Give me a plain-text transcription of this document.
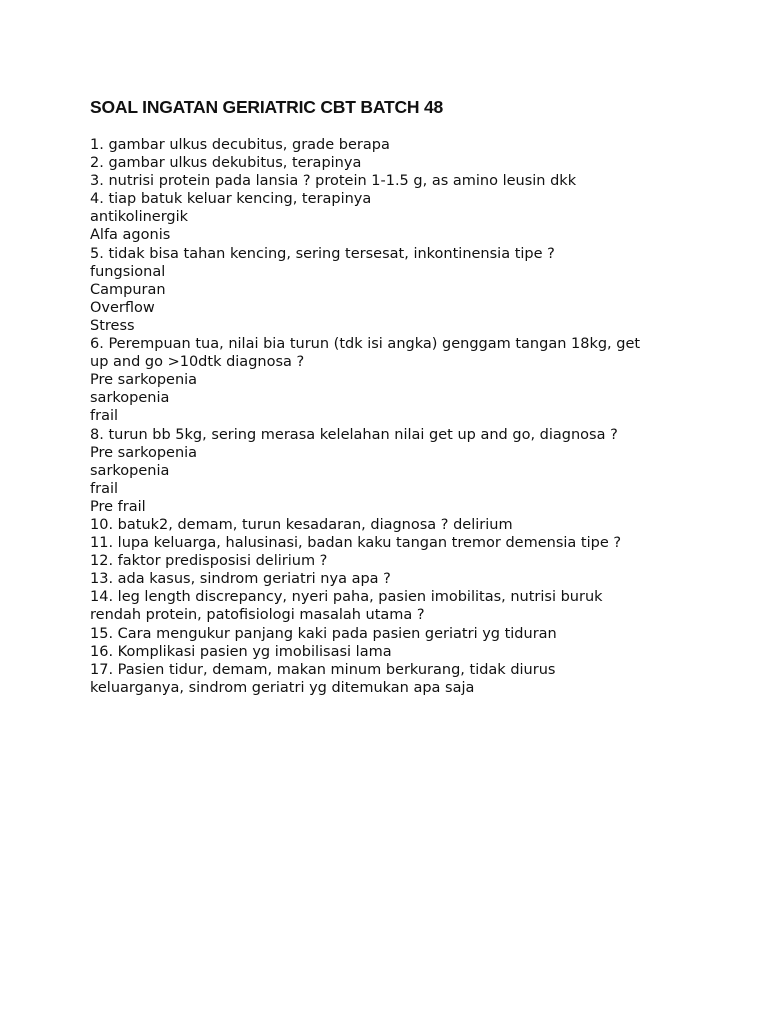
SOAL INGATAN GERIATRIC CBT BATCH 48
1. gambar ulkus decubitus, grade berapa
2. gambar ulkus dekubitus, terapinya
3. nutrisi protein pada lansia ? protein 1-1.5 g, as amino leusin dkk
4. tiap batuk keluar kencing, terapinya
antikolinergik
Alfa agonis
5. tidak bisa tahan kencing, sering tersesat, inkontinensia tipe ?
fungsional
Campuran
Overflow
Stress
6. Perempuan tua, nilai bia turun (tdk isi angka) genggam tangan 18kg, get
up and go >10dtk diagnosa ?
Pre sarkopenia
sarkopenia
frail
8. turun bb 5kg, sering merasa kelelahan nilai get up and go, diagnosa ?
Pre sarkopenia
sarkopenia
frail
Pre frail
10. batuk2, demam, turun kesadaran, diagnosa ? delirium
11. lupa keluarga, halusinasi, badan kaku tangan tremor demensia tipe ?
12. faktor predisposisi delirium ?
13. ada kasus, sindrom geriatri nya apa ?
14. leg length discrepancy, nyeri paha, pasien imobilitas, nutrisi buruk
rendah protein, patofisiologi masalah utama ?
15. Cara mengukur panjang kaki pada pasien geriatri yg tiduran
16. Komplikasi pasien yg imobilisasi lama
17. Pasien tidur, demam, makan minum berkurang, tidak diurus
keluarganya, sindrom geriatri yg ditemukan apa saja
